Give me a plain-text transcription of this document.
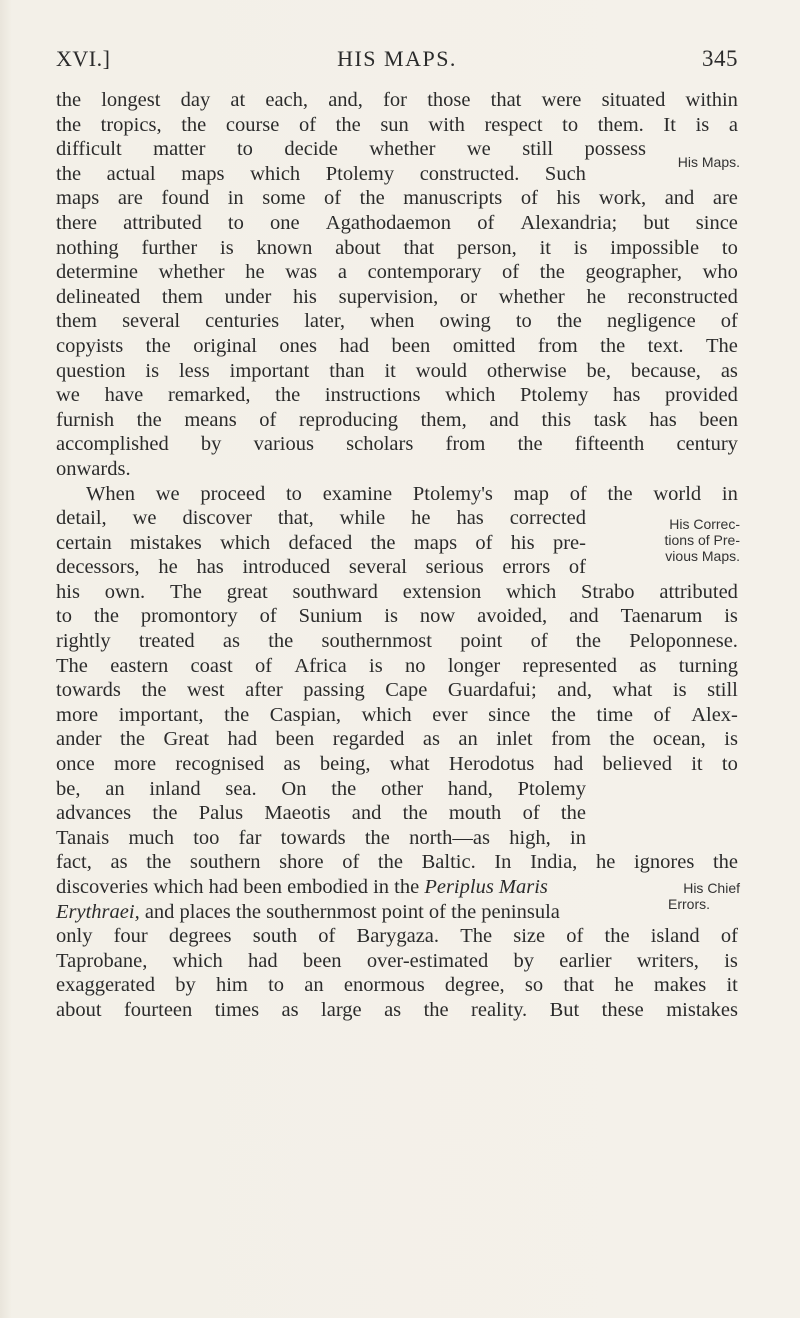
XVI.]	HIS MAPS.	345
the longest day at each, and, for those that were situated within
the tropics, the course of the sun with respect to them. It is a
difficult matter to decide whether we still possess
the actual maps which Ptolemy constructed. Such
maps are found in some of the manuscripts of his work, and are
there attributed to one Agathodaemon of Alexandria; but since
nothing further is known about that person, it is impossible to
determine whether he was a contemporary of the geographer, who
delineated them under his supervision, or whether he reconstructed
them several centuries later, when owing to the negligence of
copyists the original ones had been omitted from the text. The
question is less important than it would otherwise be, because, as
we have remarked, the instructions which Ptolemy has provided
furnish the means of reproducing them, and this task has been
accomplished by various scholars from the fifteenth century
onwards.
When we proceed to examine Ptolemy's map of the world in
detail, we discover that, while he has corrected
certain mistakes which defaced the maps of his pre-
decessors, he has introduced several serious errors of
his own. The great southward extension which Strabo attributed
to the promontory of Sunium is now avoided, and Taenarum is
rightly treated as the southernmost point of the Peloponnese.
The eastern coast of Africa is no longer represented as turning
towards the west after passing Cape Guardafui; and, what is still
more important, the Caspian, which ever since the time of Alex-
ander the Great had been regarded as an inlet from the ocean, is
once more recognised as being, what Herodotus had believed it to
be, an inland sea. On the other hand, Ptolemy
advances the Palus Maeotis and the mouth of the
Tanais much too far towards the north—as high, in
fact, as the southern shore of the Baltic. In India, he ignores the
discoveries which had been embodied in the Periplus Maris
Erythraei, and places the southernmost point of the peninsula
only four degrees south of Barygaza. The size of the island of
Taprobane, which had been over-estimated by earlier writers, is
exaggerated by him to an enormous degree, so that he makes it
about fourteen times as large as the reality. But these mistakes
His Maps.
His Correc-
tions of Pre-
vious Maps.
His Chief
Errors.
